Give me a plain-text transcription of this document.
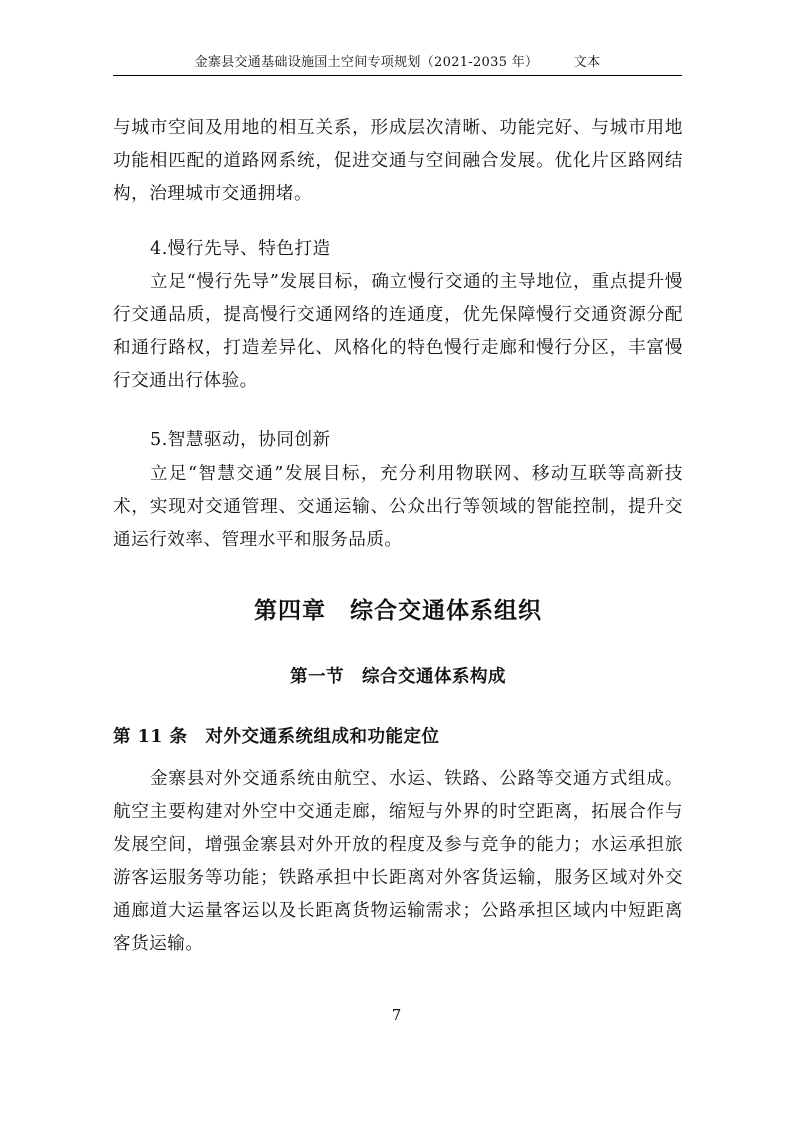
金寨县交通基础设施国土空间专项规划（2021-2035 年）	文本

与城市空间及用地的相互关系，形成层次清晰、功能完好、与城市用地功能相匹配的道路网系统，促进交通与空间融合发展。优化片区路网结构，治理城市交通拥堵。

4.慢行先导、特色打造

立足“慢行先导”发展目标，确立慢行交通的主导地位，重点提升慢行交通品质，提高慢行交通网络的连通度，优先保障慢行交通资源分配和通行路权，打造差异化、风格化的特色慢行走廊和慢行分区，丰富慢行交通出行体验。

5.智慧驱动，协同创新

立足“智慧交通”发展目标，充分利用物联网、移动互联等高新技术，实现对交通管理、交通运输、公众出行等领域的智能控制，提升交通运行效率、管理水平和服务品质。

第四章　综合交通体系组织
第一节　综合交通体系构成
第 11 条　对外交通系统组成和功能定位

金寨县对外交通系统由航空、水运、铁路、公路等交通方式组成。航空主要构建对外空中交通走廊，缩短与外界的时空距离，拓展合作与发展空间，增强金寨县对外开放的程度及参与竞争的能力；水运承担旅游客运服务等功能；铁路承担中长距离对外客货运输，服务区域对外交通廊道大运量客运以及长距离货物运输需求；公路承担区域内中短距离客货运输。

7
